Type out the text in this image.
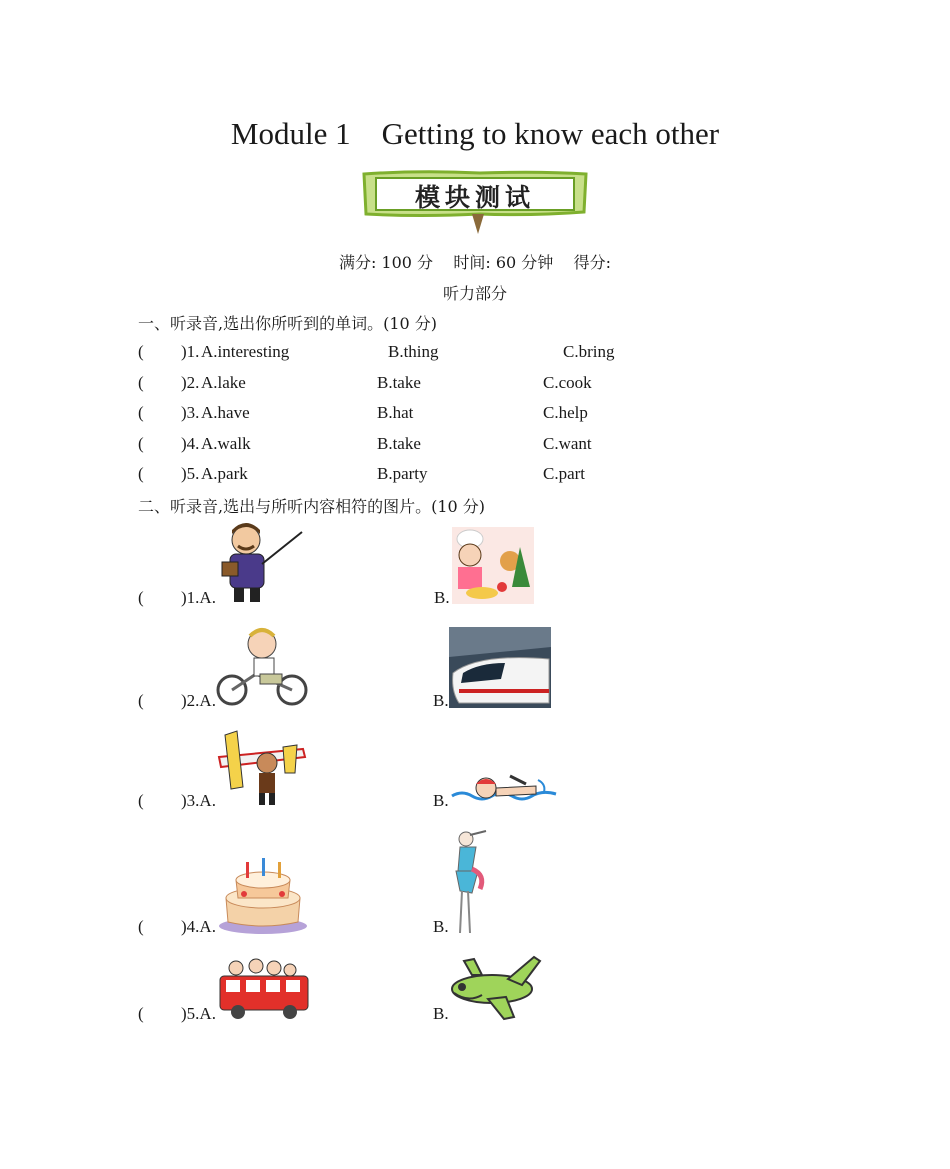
Module 1    Getting to know each other
模块测试
满分: 100 分    时间: 60 分钟    得分:
听力部分
一、听录音,选出你所听到的单词。(10 分)
( )1. A.interesting	B.thing	C.bring
( )2. A.lake	B.take	C.cook
( )3. A.have	B.hat	C.help
( )4. A.walk	B.take	C.want
( )5. A.park	B.party	C.part
二、听录音,选出与所听内容相符的图片。(10 分)
( )1.A.	B.
( )2.A.	B.
( )3.A.	B.
( )4.A.	B.
( )5.A.	B.
